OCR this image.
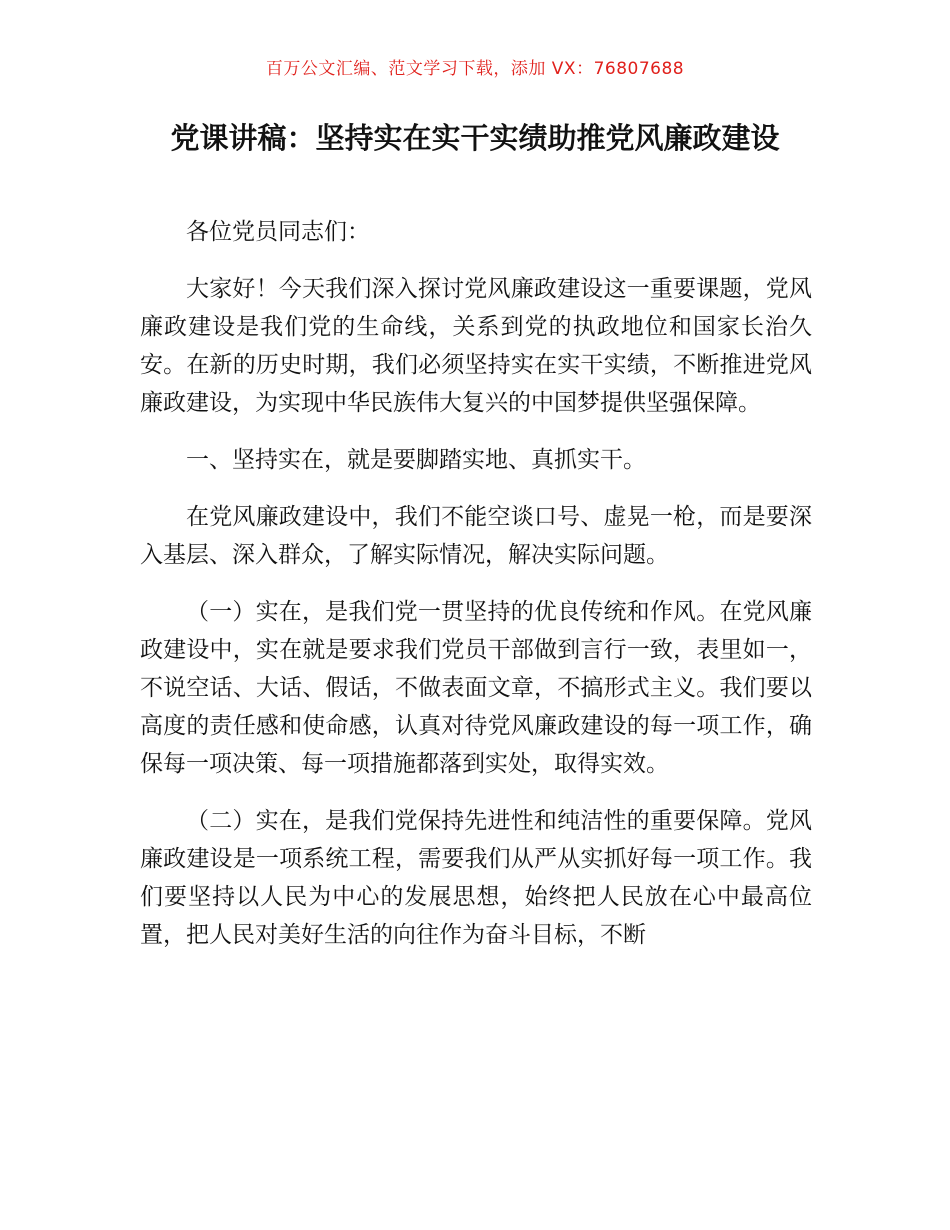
百万公文汇编、范文学习下载，添加 VX：76807688
党课讲稿：坚持实在实干实绩助推党风廉政建设

各位党员同志们：

大家好！今天我们深入探讨党风廉政建设这一重要课题，党风廉政建设是我们党的生命线，关系到党的执政地位和国家长治久安。在新的历史时期，我们必须坚持实在实干实绩，不断推进党风廉政建设，为实现中华民族伟大复兴的中国梦提供坚强保障。

一、坚持实在，就是要脚踏实地、真抓实干。

在党风廉政建设中，我们不能空谈口号、虚晃一枪，而是要深入基层、深入群众，了解实际情况，解决实际问题。

（一）实在，是我们党一贯坚持的优良传统和作风。在党风廉政建设中，实在就是要求我们党员干部做到言行一致，表里如一，不说空话、大话、假话，不做表面文章，不搞形式主义。我们要以高度的责任感和使命感，认真对待党风廉政建设的每一项工作，确保每一项决策、每一项措施都落到实处，取得实效。

（二）实在，是我们党保持先进性和纯洁性的重要保障。党风廉政建设是一项系统工程，需要我们从严从实抓好每一项工作。我们要坚持以人民为中心的发展思想，始终把人民放在心中最高位置，把人民对美好生活的向往作为奋斗目标，不断
